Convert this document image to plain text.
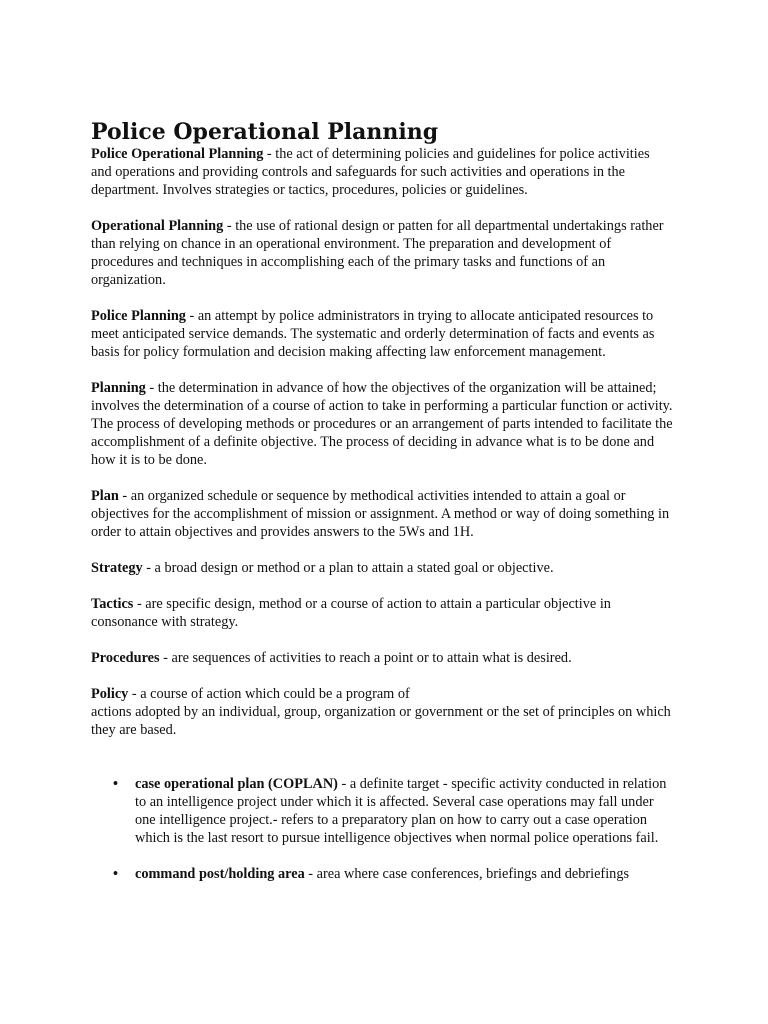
Police Operational Planning

Police Operational Planning - the act of determining policies and guidelines for police activities and operations and providing controls and safeguards for such activities and operations in the department. Involves strategies or tactics, procedures, policies or guidelines.

Operational Planning - the use of rational design or patten for all departmental undertakings rather than relying on chance in an operational environment. The preparation and development of procedures and techniques in accomplishing each of the primary tasks and functions of an organization.

Police Planning - an attempt by police administrators in trying to allocate anticipated resources to meet anticipated service demands. The systematic and orderly determination of facts and events as basis for policy formulation and decision making affecting law enforcement management.

Planning - the determination in advance of how the objectives of the organization will be attained; involves the determination of a course of action to take in performing a particular function or activity. The process of developing methods or procedures or an arrangement of parts intended to facilitate the accomplishment of a definite objective. The process of deciding in advance what is to be done and how it is to be done.

Plan - an organized schedule or sequence by methodical activities intended to attain a goal or objectives for the accomplishment of mission or assignment. A method or way of doing something in order to attain objectives and provides answers to the 5Ws and 1H.

Strategy - a broad design or method or a plan to attain a stated goal or objective.

Tactics - are specific design, method or a course of action to attain a particular objective in consonance with strategy.

Procedures - are sequences of activities to reach a point or to attain what is desired.

Policy - a course of action which could be a program of
actions adopted by an individual, group, organization or government or the set of principles on which they are based.

• case operational plan (COPLAN) - a definite target - specific activity conducted in relation to an intelligence project under which it is affected. Several case operations may fall under one intelligence project.- refers to a preparatory plan on how to carry out a case operation which is the last resort to pursue intelligence objectives when normal police operations fail.
• command post/holding area - area where case conferences, briefings and debriefings
